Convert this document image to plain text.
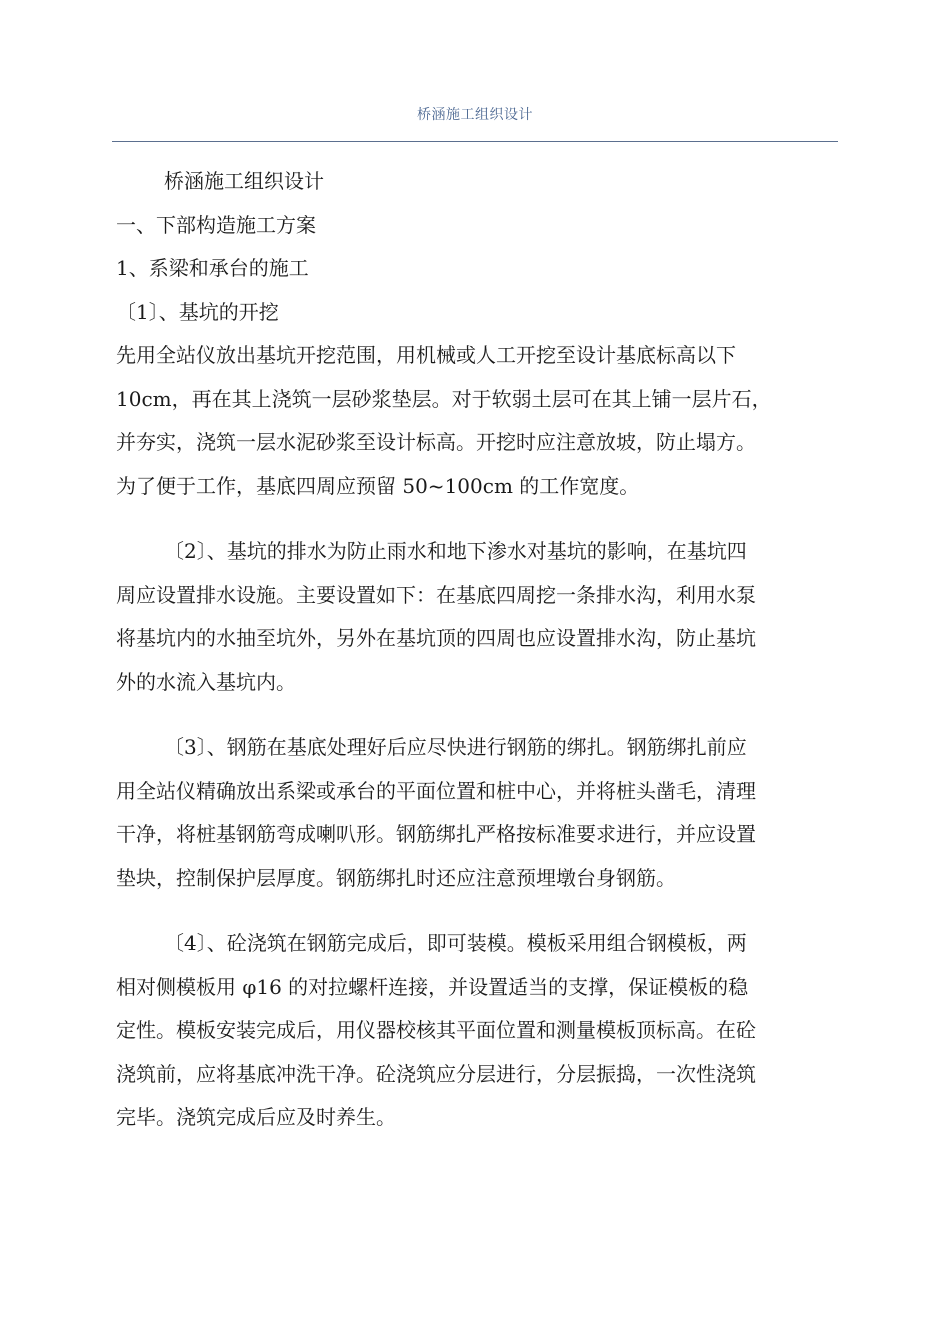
桥涵施工组织设计
桥涵施工组织设计
一、下部构造施工方案
1、系梁和承台的施工
〔1〕、基坑的开挖
先用全站仪放出基坑开挖范围，用机械或人工开挖至设计基底标高以下
10cm，再在其上浇筑一层砂浆垫层。对于软弱土层可在其上铺一层片石，
并夯实，浇筑一层水泥砂浆至设计标高。开挖时应注意放坡，防止塌方。
为了便于工作，基底四周应预留 50~100cm 的工作宽度。
〔2〕、基坑的排水为防止雨水和地下渗水对基坑的影响，在基坑四
周应设置排水设施。主要设置如下：在基底四周挖一条排水沟，利用水泵
将基坑内的水抽至坑外，另外在基坑顶的四周也应设置排水沟，防止基坑
外的水流入基坑内。
〔3〕、钢筋在基底处理好后应尽快进行钢筋的绑扎。钢筋绑扎前应
用全站仪精确放出系梁或承台的平面位置和桩中心，并将桩头凿毛，清理
干净，将桩基钢筋弯成喇叭形。钢筋绑扎严格按标准要求进行，并应设置
垫块，控制保护层厚度。钢筋绑扎时还应注意预埋墩台身钢筋。
〔4〕、砼浇筑在钢筋完成后，即可装模。模板采用组合钢模板，两
相对侧模板用 φ16 的对拉螺杆连接，并设置适当的支撑，保证模板的稳
定性。模板安装完成后，用仪器校核其平面位置和测量模板顶标高。在砼
浇筑前，应将基底冲洗干净。砼浇筑应分层进行，分层振捣，一次性浇筑
完毕。浇筑完成后应及时养生。
